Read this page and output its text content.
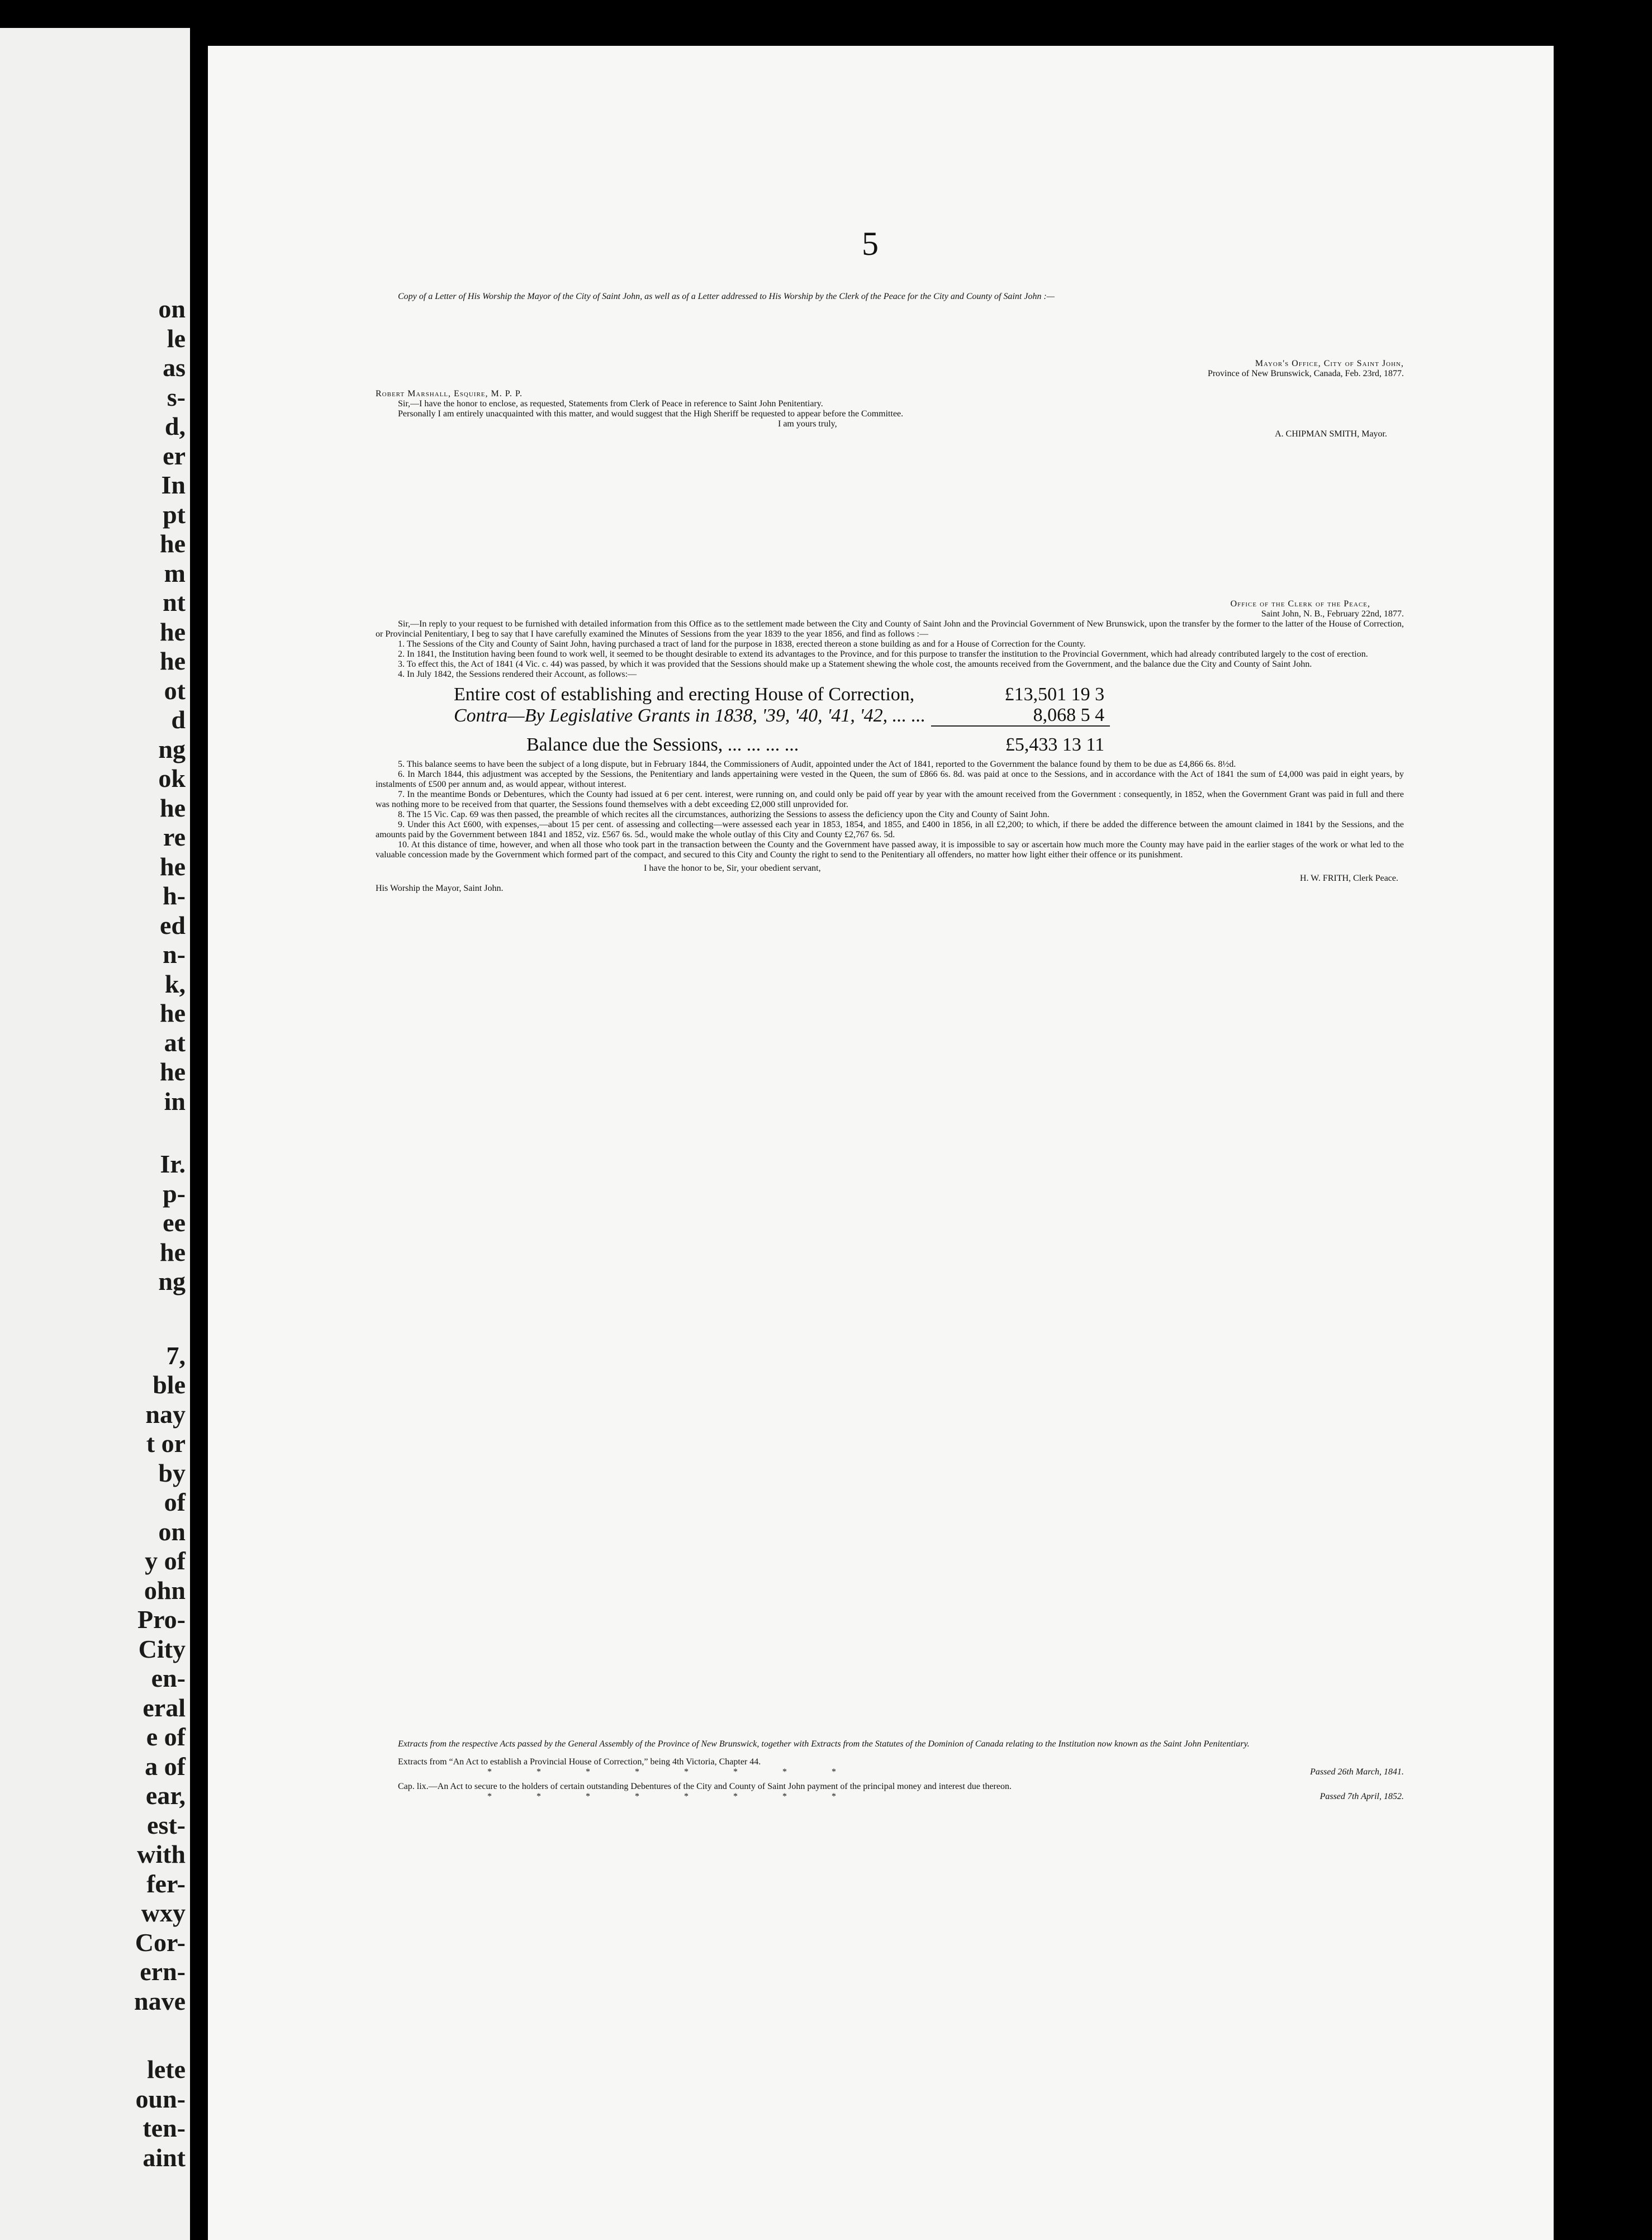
on
le
as
s-
d,
er
In
pt
he
m
nt
he
he
ot
d
ng
ok
he
re
he
h-
ed
n-
k,
he
at
he
in
Ir.
p-
ee
he
ng
7,
ble
nay
t or
by
of
on
y of
ohn
Pro-
City
en-
eral
e of
a of
ear,
est-
with
fer-
wxy
Cor-
ern-
nave
lete
oun-
ten-
aint
5

Copy of a Letter of His Worship the Mayor of the City of Saint John, as well as of a Letter addressed to His Worship by the Clerk of the Peace for the City and County of Saint John :—

Mayor's Office, City of Saint John,
Province of New Brunswick, Canada, Feb. 23rd, 1877.
Robert Marshall, Esquire, M. P. P.

Sir,—I have the honor to enclose, as requested, Statements from Clerk of Peace in reference to Saint John Penitentiary.

Personally I am entirely unacquainted with this matter, and would suggest that the High Sheriff be requested to appear before the Committee.

I am yours truly,
A. CHIPMAN SMITH, Mayor.
Office of the Clerk of the Peace,
Saint John, N. B., February 22nd, 1877.

Sir,—In reply to your request to be furnished with detailed information from this Office as to the settlement made between the City and County of Saint John and the Provincial Government of New Brunswick, upon the transfer by the former to the latter of the House of Correction, or Provincial Penitentiary, I beg to say that I have carefully examined the Minutes of Sessions from the year 1839 to the year 1856, and find as follows :—

1. The Sessions of the City and County of Saint John, having purchased a tract of land for the purpose in 1838, erected thereon a stone building as and for a House of Correction for the County.

2. In 1841, the Institution having been found to work well, it seemed to be thought desirable to extend its advantages to the Province, and for this purpose to transfer the institution to the Provincial Government, which had already contributed largely to the cost of erection.

3. To effect this, the Act of 1841 (4 Vic. c. 44) was passed, by which it was provided that the Sessions should make up a Statement shewing the whole cost, the amounts received from the Government, and the balance due the City and County of Saint John.

4. In July 1842, the Sessions rendered their Account, as follows:—

Entire cost of establishing and erecting House of Correction,	£13,501 19 3
Contra—By Legislative Grants in 1838, '39, '40, '41, '42, ... ...	8,068 5 4
Balance due the Sessions, ... ... ... ...	£5,433 13 11

5. This balance seems to have been the subject of a long dispute, but in February 1844, the Commissioners of Audit, appointed under the Act of 1841, reported to the Government the balance found by them to be due as £4,866 6s. 8½d.

6. In March 1844, this adjustment was accepted by the Sessions, the Penitentiary and lands appertaining were vested in the Queen, the sum of £866 6s. 8d. was paid at once to the Sessions, and in accordance with the Act of 1841 the sum of £4,000 was paid in eight years, by instalments of £500 per annum and, as would appear, without interest.

7. In the meantime Bonds or Debentures, which the County had issued at 6 per cent. interest, were running on, and could only be paid off year by year with the amount received from the Government : consequently, in 1852, when the Government Grant was paid in full and there was nothing more to be received from that quarter, the Sessions found themselves with a debt exceeding £2,000 still unprovided for.

8. The 15 Vic. Cap. 69 was then passed, the preamble of which recites all the circumstances, authorizing the Sessions to assess the deficiency upon the City and County of Saint John.

9. Under this Act £600, with expenses,—about 15 per cent. of assessing and collecting—were assessed each year in 1853, 1854, and 1855, and £400 in 1856, in all £2,200; to which, if there be added the difference between the amount claimed in 1841 by the Sessions, and the amounts paid by the Government between 1841 and 1852, viz. £567 6s. 5d., would make the whole outlay of this City and County £2,767 6s. 5d.

10. At this distance of time, however, and when all those who took part in the transaction between the County and the Government have passed away, it is impossible to say or ascertain how much more the County may have paid in the earlier stages of the work or what led to the valuable concession made by the Government which formed part of the compact, and secured to this City and County the right to send to the Penitentiary all offenders, no matter how light either their offence or its punishment.

I have the honor to be, Sir, your obedient servant,
H. W. FRITH, Clerk Peace.
His Worship the Mayor, Saint John.

Extracts from the respective Acts passed by the General Assembly of the Province of New Brunswick, together with Extracts from the Statutes of the Dominion of Canada relating to the Institution now known as the Saint John Penitentiary.

Extracts from “An Act to establish a Provincial House of Correction,” being 4th Victoria, Chapter 44.

* * * * * * * *	Passed 26th March, 1841.

Cap. lix.—An Act to secure to the holders of certain outstanding Debentures of the City and County of Saint John payment of the principal money and interest due thereon.

* * * * * * * *	Passed 7th April, 1852.
